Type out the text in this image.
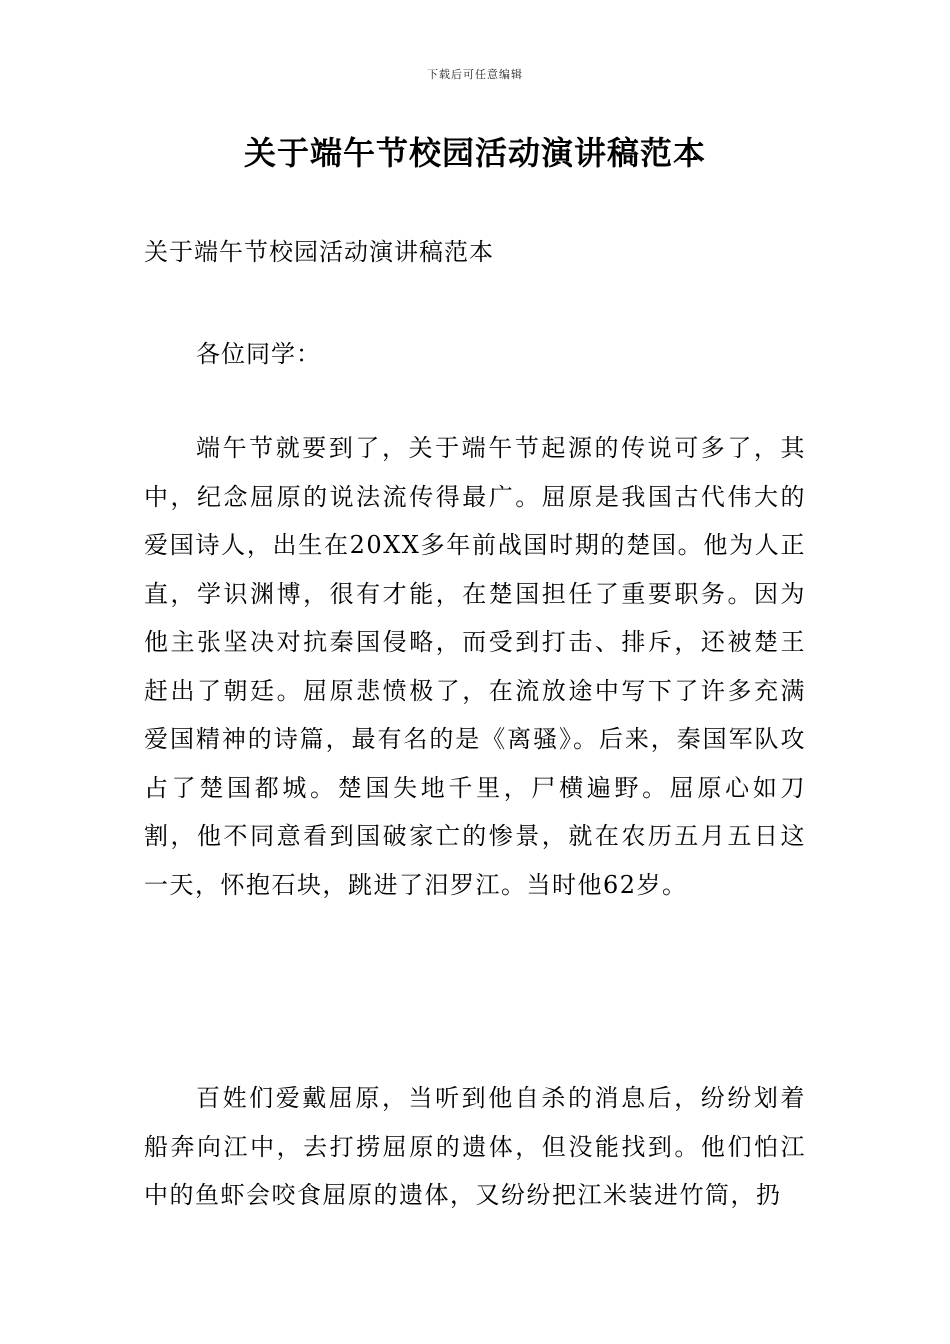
下载后可任意编辑
关于端午节校园活动演讲稿范本
关于端午节校园活动演讲稿范本
各位同学：
端午节就要到了，关于端午节起源的传说可多了，其中，纪念屈原的说法流传得最广。屈原是我国古代伟大的爱国诗人，出生在20XX多年前战国时期的楚国。他为人正直，学识渊博，很有才能，在楚国担任了重要职务。因为他主张坚决对抗秦国侵略，而受到打击、排斥，还被楚王赶出了朝廷。屈原悲愤极了，在流放途中写下了许多充满爱国精神的诗篇，最有名的是《离骚》。后来，秦国军队攻占了楚国都城。楚国失地千里，尸横遍野。屈原心如刀割，他不同意看到国破家亡的惨景，就在农历五月五日这一天，怀抱石块，跳进了汨罗江。当时他62岁。
百姓们爱戴屈原，当听到他自杀的消息后，纷纷划着船奔向江中，去打捞屈原的遗体，但没能找到。他们怕江中的鱼虾会咬食屈原的遗体，又纷纷把江米装进竹筒，扔
